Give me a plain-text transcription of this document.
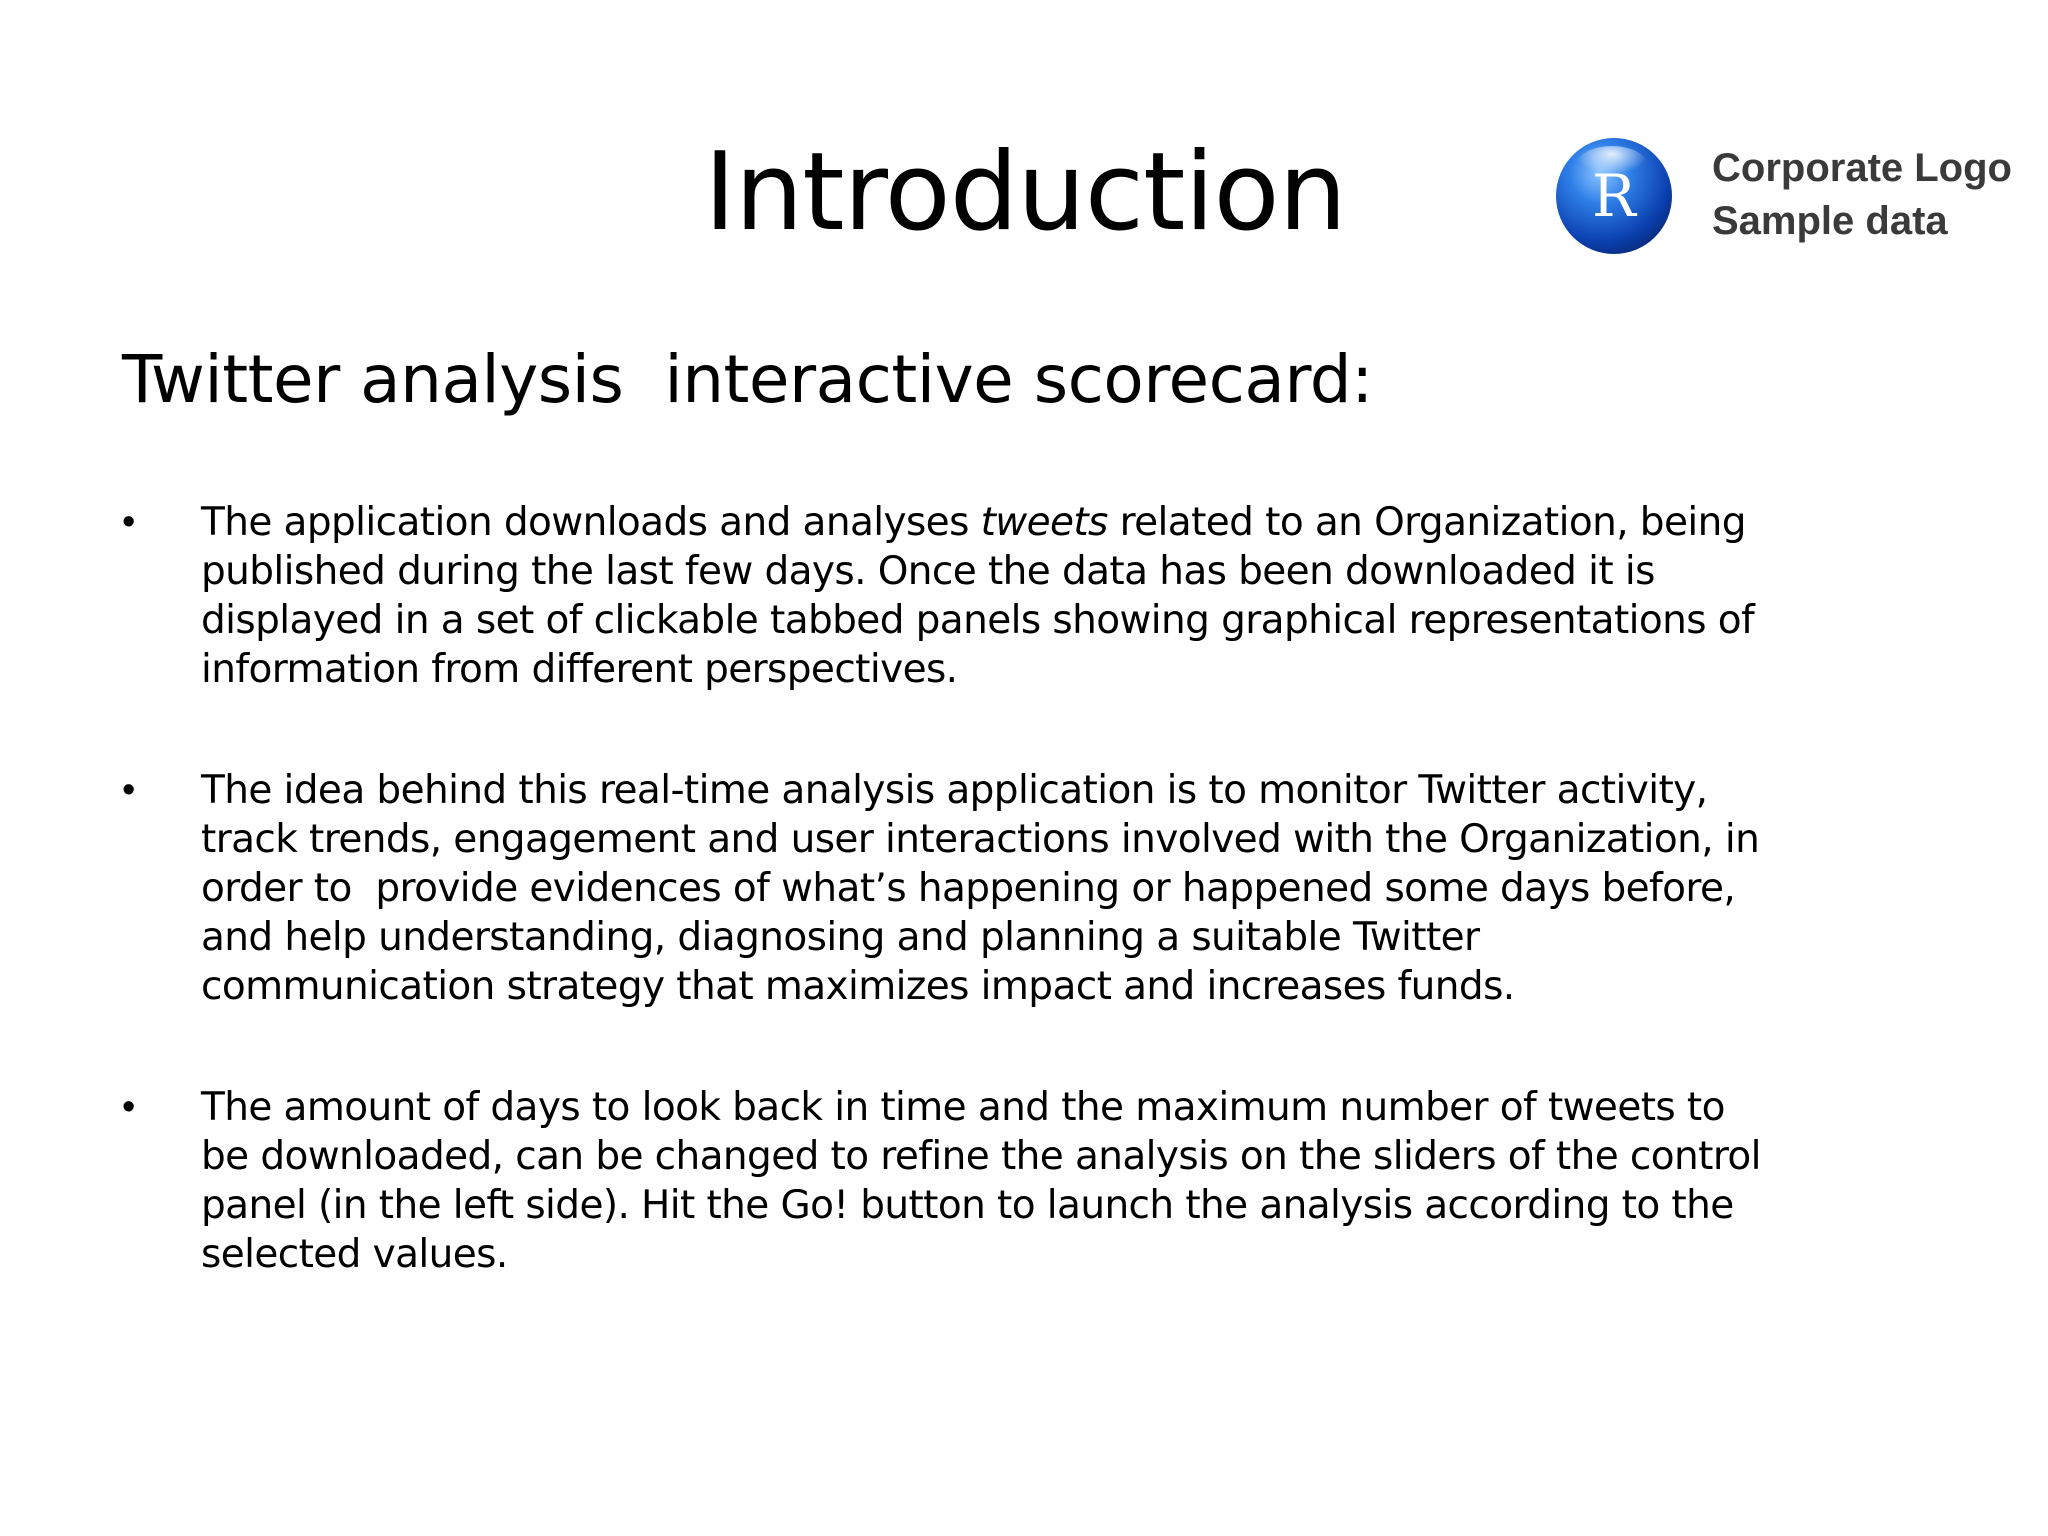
Introduction	R Corporate Logo
Sample data
Twitter analysis  interactive scorecard:
• The application downloads and analyses tweets related to an Organization, being
published during the last few days. Once the data has been downloaded it is
displayed in a set of clickable tabbed panels showing graphical representations of
information from different perspectives.
• The idea behind this real-time analysis application is to monitor Twitter activity,
track trends, engagement and user interactions involved with the Organization, in
order to  provide evidences of what’s happening or happened some days before,
and help understanding, diagnosing and planning a suitable Twitter
communication strategy that maximizes impact and increases funds.
• The amount of days to look back in time and the maximum number of tweets to
be downloaded, can be changed to refine the analysis on the sliders of the control
panel (in the left side). Hit the Go! button to launch the analysis according to the
selected values.
